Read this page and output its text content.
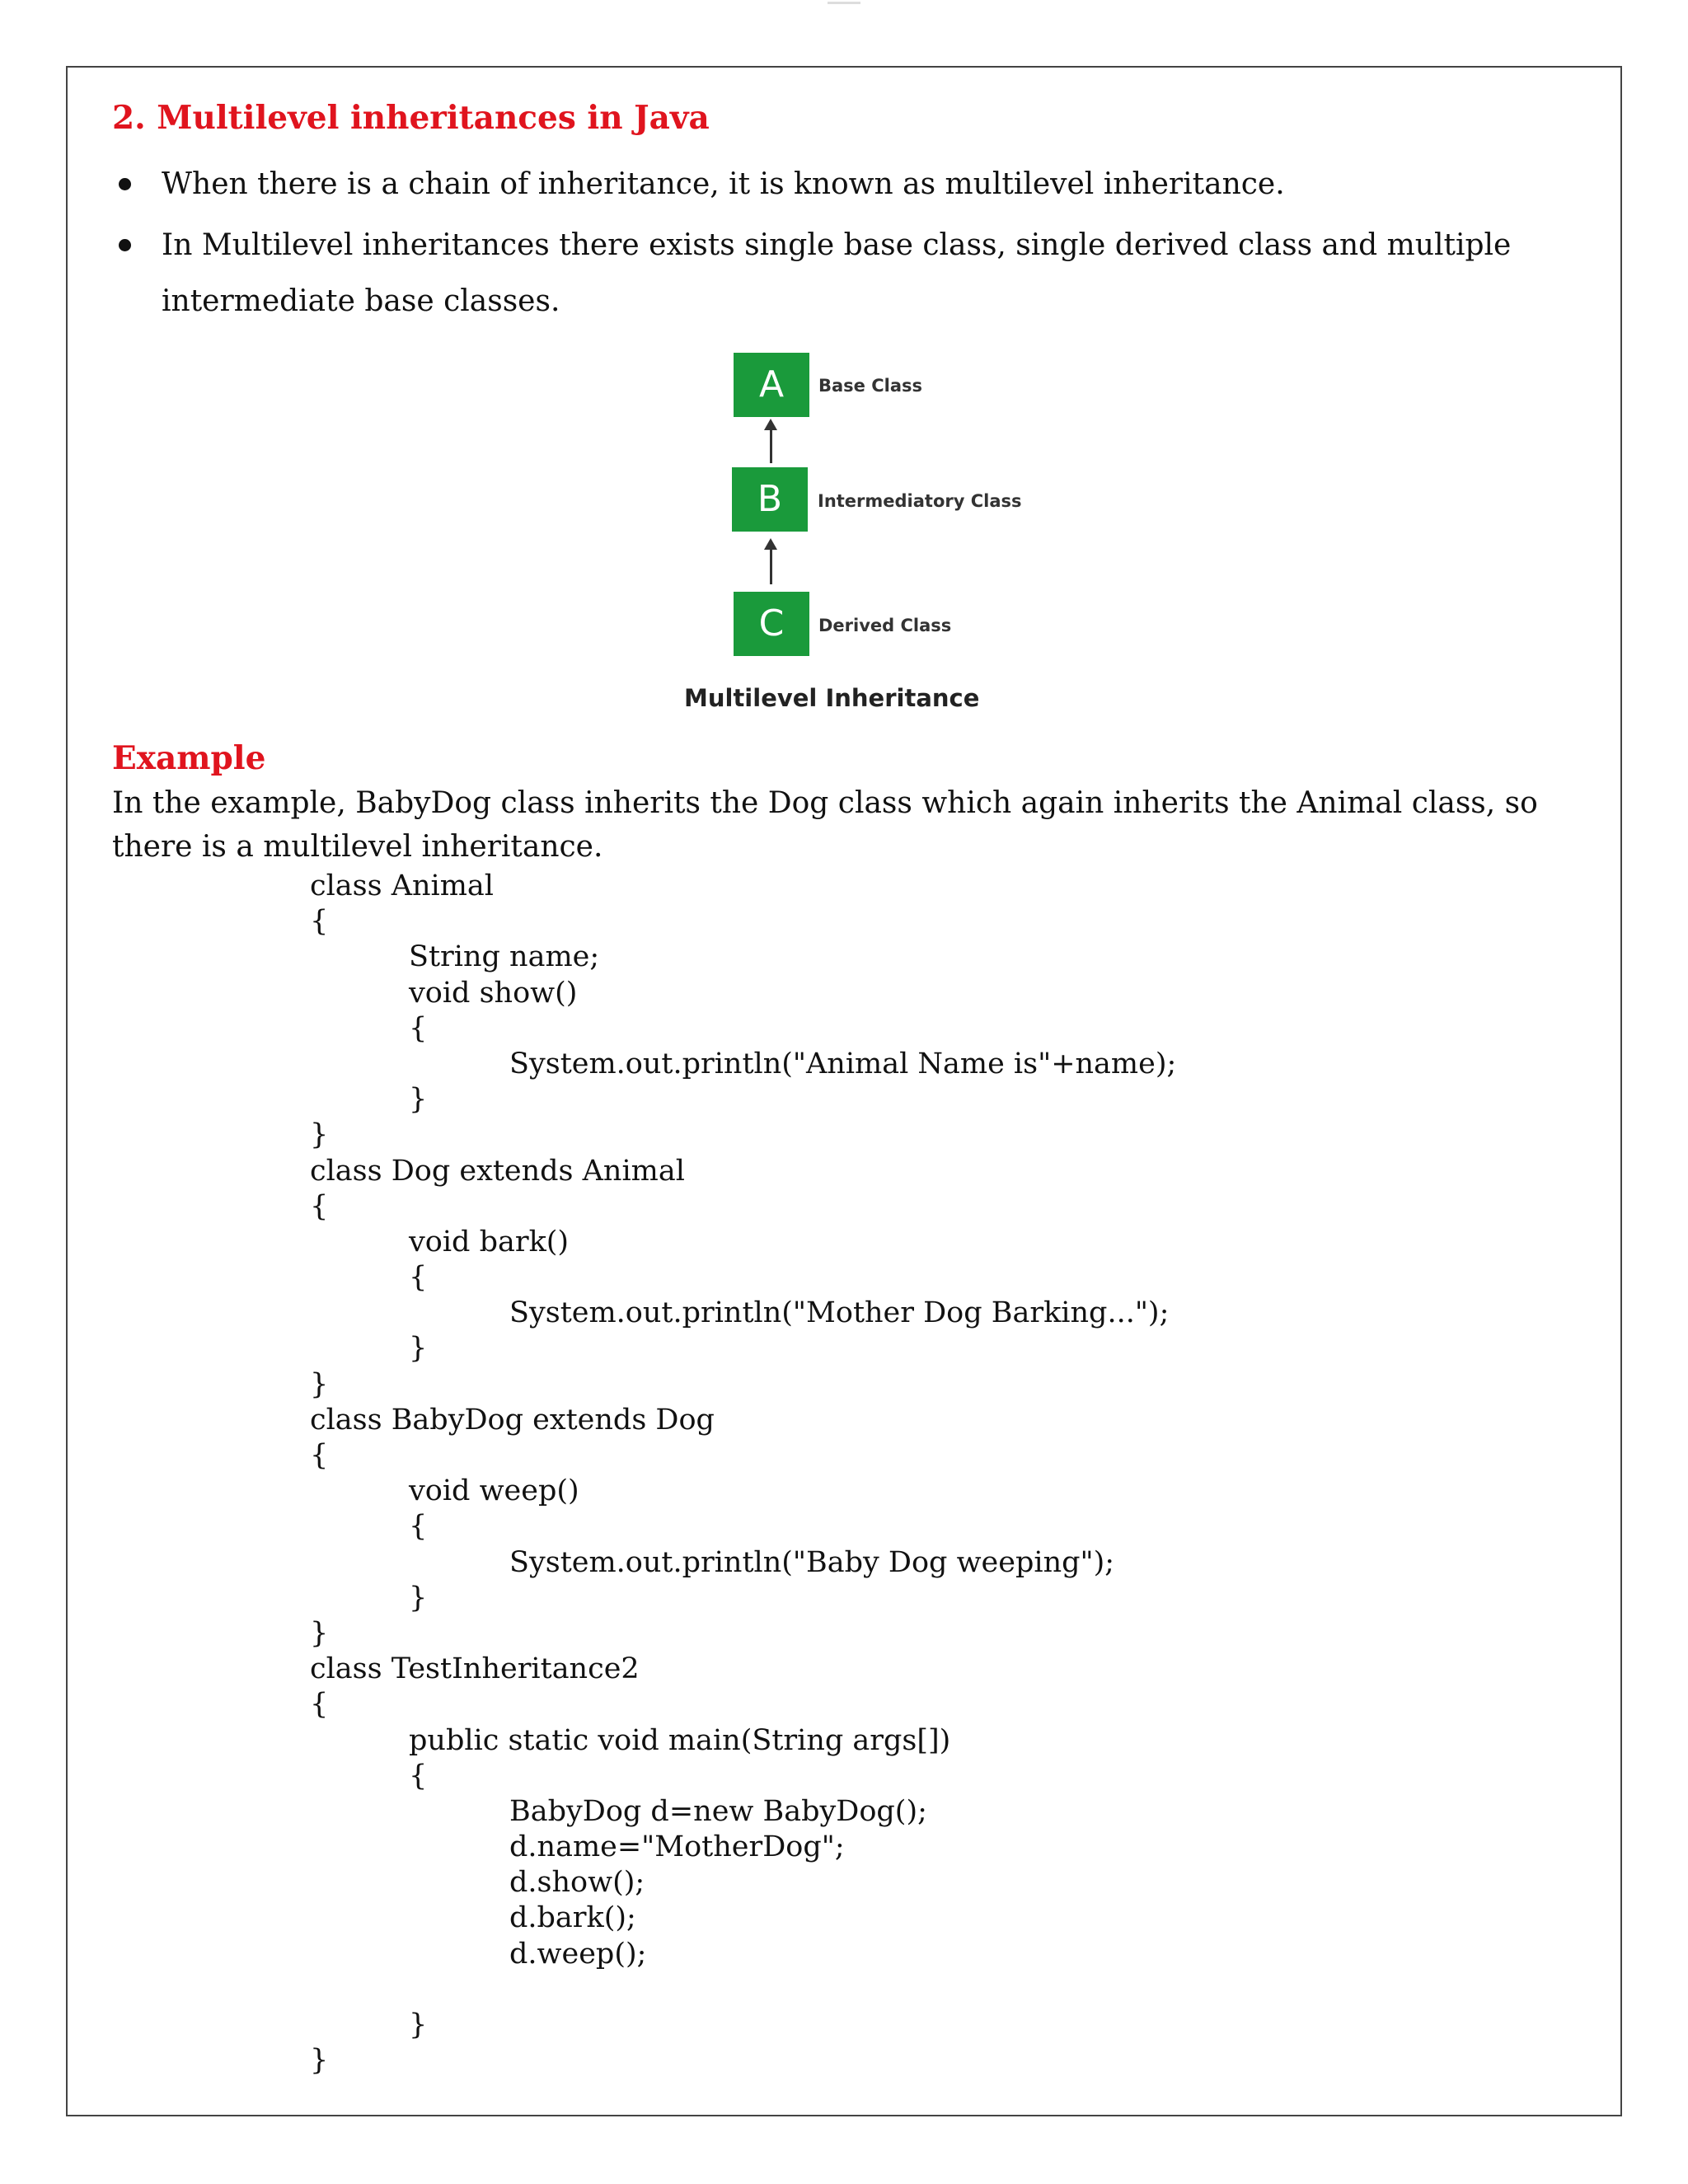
2. Multilevel inheritances in Java
When there is a chain of inheritance, it is known as multilevel inheritance.
In Multilevel inheritances there exists single base class, single derived class and multiple intermediate base classes.
A	Base Class
B	Intermediatory Class
C	Derived Class
Multilevel Inheritance
Example

In the example, BabyDog class inherits the Dog class which again inherits the Animal class, so there is a multilevel inheritance.

class Animal
{
String name;
void show()
{
System.out.println("Animal Name is"+name);
}
}
class Dog extends Animal
{
void bark()
{
System.out.println("Mother Dog Barking...");
}
}
class BabyDog extends Dog
{
void weep()
{
System.out.println("Baby Dog weeping");
}
}
class TestInheritance2
{
public static void main(String args[])
{
BabyDog d=new BabyDog();
d.name="MotherDog";
d.show();
d.bark();
d.weep();
}
}
